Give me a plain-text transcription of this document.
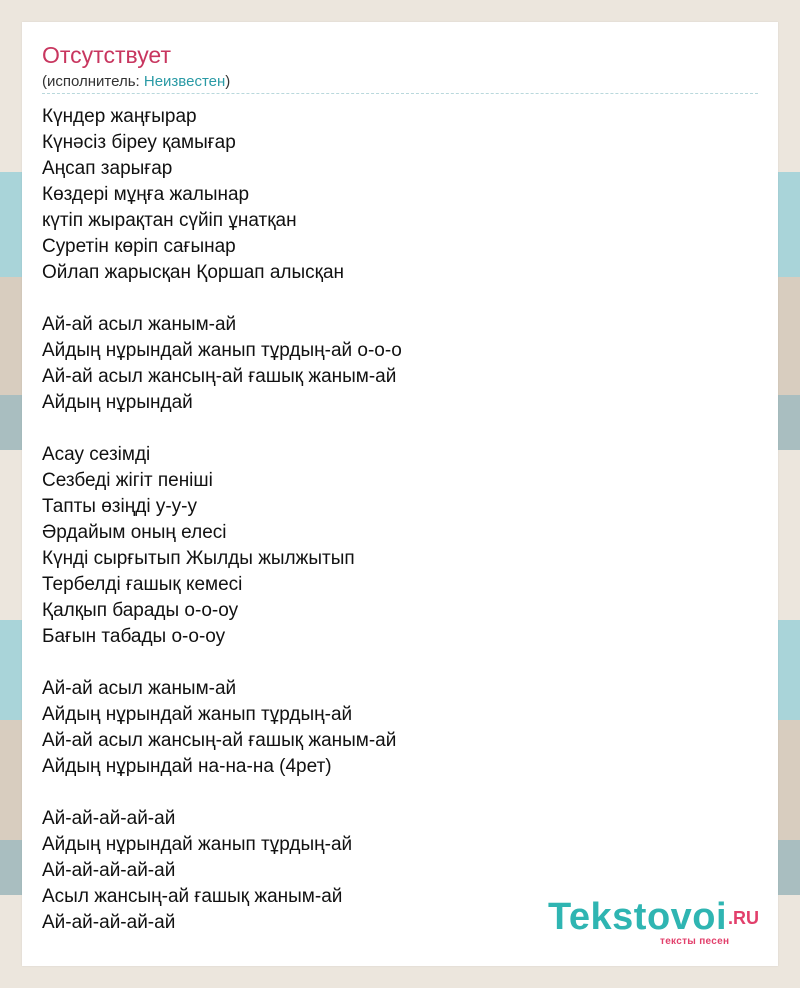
Отсутствует
(исполнитель: Неизвестен)
Күндер жаңғырар
Күнәсіз біреу қамығар
Аңсап зарығар
Көздері мұңға жалынар
күтіп жырақтан сүйіп ұнатқан
Суретін көріп сағынар
Ойлап жарысқан Қоршап алысқан
Ай-ай асыл жаным-ай
Айдың нұрындай жанып тұрдың-ай о-о-о
Ай-ай асыл жансың-ай ғашық жаным-ай
Айдың нұрындай
Асау сезімді
Сезбеді жігіт пеніші
Тапты өзіңді у-у-у
Әрдайым оның елесі
Күнді сырғытып Жылды жылжытып
Тербелді ғашық кемесі
Қалқып барады о-о-оу
Бағын табады о-о-оу
Ай-ай асыл жаным-ай
Айдың нұрындай жанып тұрдың-ай
Ай-ай асыл жансың-ай ғашық жаным-ай
Айдың нұрындай на-на-на (4рет)
Ай-ай-ай-ай-ай
Айдың нұрындай жанып тұрдың-ай
Ай-ай-ай-ай-ай
Асыл жансың-ай ғашық жаным-ай
Ай-ай-ай-ай-ай	Tekstovoi .RU
тексты песен
